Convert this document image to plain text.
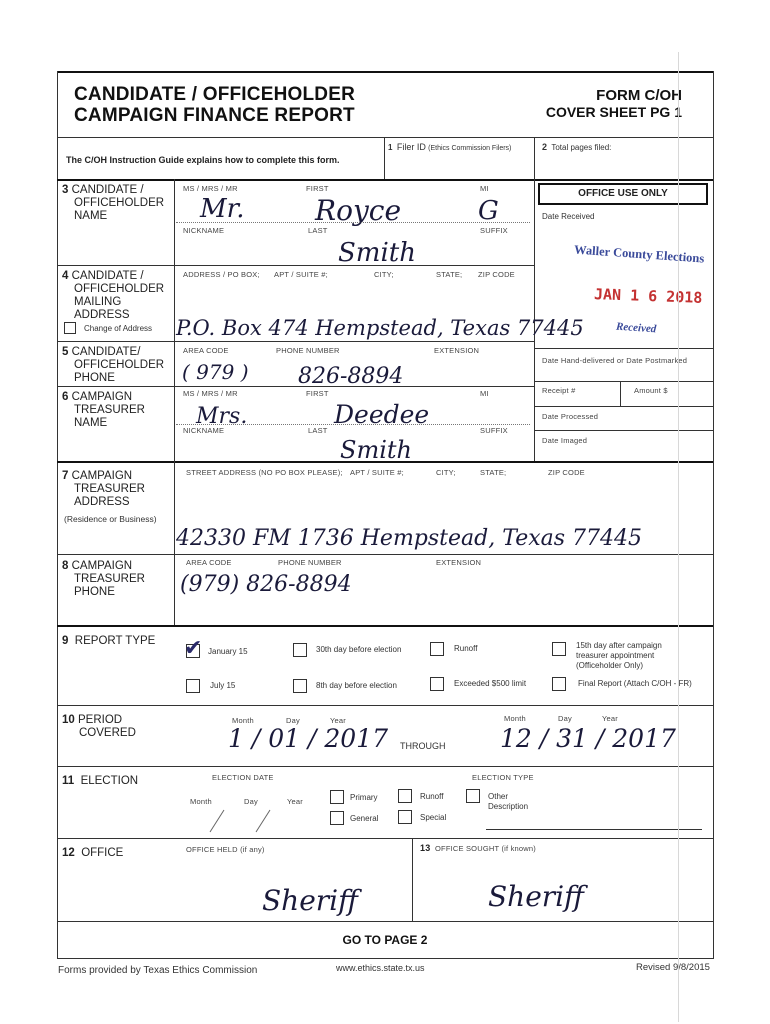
CANDIDATE / OFFICEHOLDER
CAMPAIGN FINANCE REPORT
FORM C/OH
COVER SHEET PG 1
The C/OH Instruction Guide explains how to complete this form.
1 Filer ID (Ethics Commission Filers)	2 Total pages filed:
OFFICE USE ONLY
Date Received
Waller County Elections
JAN 1 6 2018
Received
Date Hand-delivered or Date Postmarked
Receipt #	Amount $
Date Processed
Date Imaged
3 CANDIDATE /
OFFICEHOLDER
NAME
MS / MRS / MR	FIRST	MI
Mr.	Royce	G
NICKNAME	LAST	SUFFIX
Smith
4 CANDIDATE /
OFFICEHOLDER
MAILING
ADDRESS
Change of Address
ADDRESS / PO BOX; APT / SUITE #;	CITY;	STATE; ZIP CODE
P.O. Box 474 Hempstead, Texas 77445
5 CANDIDATE/
OFFICEHOLDER
PHONE
AREA CODE	PHONE NUMBER	EXTENSION
( 979 ) 826-8894
6 CAMPAIGN
TREASURER
NAME
MS / MRS / MR	FIRST	MI
Mrs.	Deedee
NICKNAME	LAST	SUFFIX
Smith
7 CAMPAIGN
TREASURER
ADDRESS
(Residence or Business)
STREET ADDRESS (NO PO BOX PLEASE); APT / SUITE #;	CITY;	STATE;	ZIP CODE
42330 FM 1736 Hempstead, Texas 77445
8 CAMPAIGN
TREASURER
PHONE
AREA CODE	PHONE NUMBER	EXTENSION
(979) 826-8894
9 REPORT TYPE ✔ January 15	30th day before election	Runoff	15th day after campaign treasurer appointment (Officeholder Only)
July 15	8th day before election	Exceeded $500 limit	Final Report (Attach C/OH - FR)
10 PERIOD
COVERED
Month	Day	Year
1 / 01 / 2017 THROUGH
Month	Day	Year
12 / 31 / 2017
11 ELECTION	ELECTION DATE	ELECTION TYPE
Month	Day	Year	Primary	Runoff	Other Description
General	Special
12 OFFICE	OFFICE HELD (if any)	13 OFFICE SOUGHT (if known)
Sheriff	Sheriff
GO TO PAGE 2
Forms provided by Texas Ethics Commission	www.ethics.state.tx.us	Revised 9/8/2015
